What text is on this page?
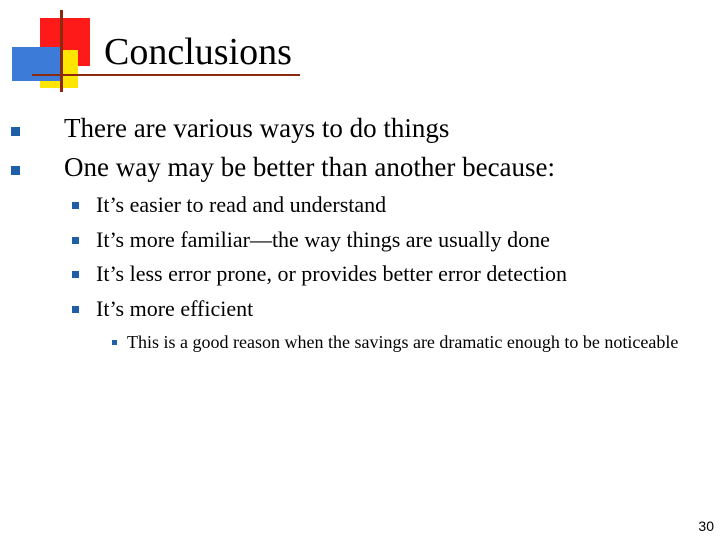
Conclusions
There are various ways to do things
One way may be better than another because:
It’s easier to read and understand
It’s more familiar—the way things are usually done
It’s less error prone, or provides better error detection
It’s more efficient
This is a good reason when the savings are dramatic enough to be noticeable
30
